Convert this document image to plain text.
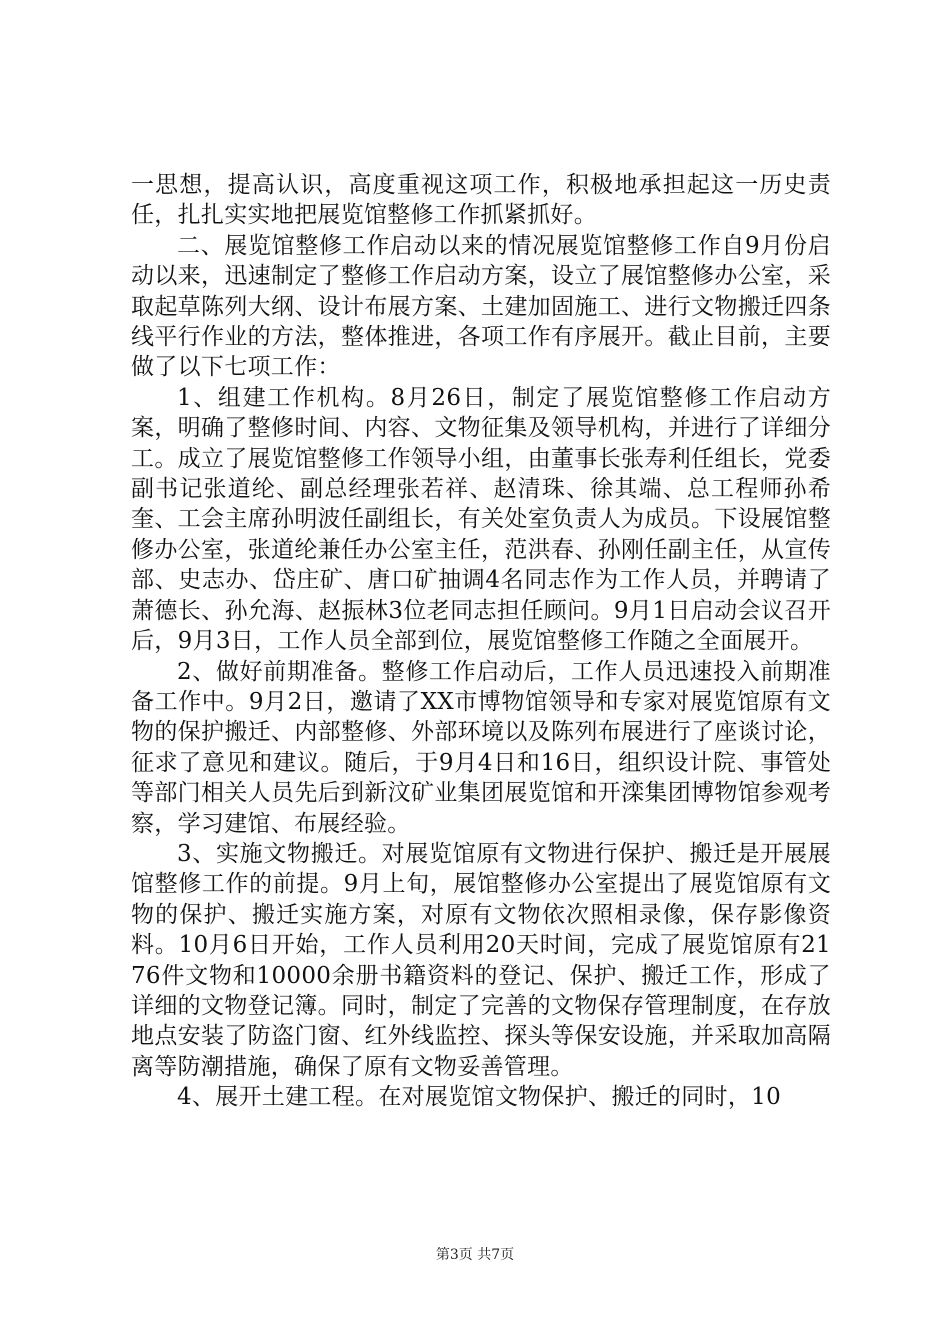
一思想，提高认识，高度重视这项工作，积极地承担起这一历史责任，扎扎实实地把展览馆整修工作抓紧抓好。

二、展览馆整修工作启动以来的情况展览馆整修工作自9月份启动以来，迅速制定了整修工作启动方案，设立了展馆整修办公室，采取起草陈列大纲、设计布展方案、土建加固施工、进行文物搬迁四条线平行作业的方法，整体推进，各项工作有序展开。截止目前，主要做了以下七项工作：

1、组建工作机构。8月26日，制定了展览馆整修工作启动方案，明确了整修时间、内容、文物征集及领导机构，并进行了详细分工。成立了展览馆整修工作领导小组，由董事长张寿利任组长，党委副书记张道纶、副总经理张若祥、赵清珠、徐其端、总工程师孙希奎、工会主席孙明波任副组长，有关处室负责人为成员。下设展馆整修办公室，张道纶兼任办公室主任，范洪春、孙刚任副主任，从宣传部、史志办、岱庄矿、唐口矿抽调4名同志作为工作人员，并聘请了萧德长、孙允海、赵振林3位老同志担任顾问。9月1日启动会议召开后，9月3日，工作人员全部到位，展览馆整修工作随之全面展开。

2、做好前期准备。整修工作启动后，工作人员迅速投入前期准备工作中。9月2日，邀请了XX市博物馆领导和专家对展览馆原有文物的保护搬迁、内部整修、外部环境以及陈列布展进行了座谈讨论，征求了意见和建议。随后，于9月4日和16日，组织设计院、事管处等部门相关人员先后到新汶矿业集团展览馆和开滦集团博物馆参观考察，学习建馆、布展经验。

3、实施文物搬迁。对展览馆原有文物进行保护、搬迁是开展展馆整修工作的前提。9月上旬，展馆整修办公室提出了展览馆原有文物的保护、搬迁实施方案，对原有文物依次照相录像，保存影像资料。10月6日开始，工作人员利用20天时间，完成了展览馆原有2176件文物和10000余册书籍资料的登记、保护、搬迁工作，形成了详细的文物登记簿。同时，制定了完善的文物保存管理制度，在存放地点安装了防盗门窗、红外线监控、探头等保安设施，并采取加高隔离等防潮措施，确保了原有文物妥善管理。

4、展开土建工程。在对展览馆文物保护、搬迁的同时，10

第3页 共7页
